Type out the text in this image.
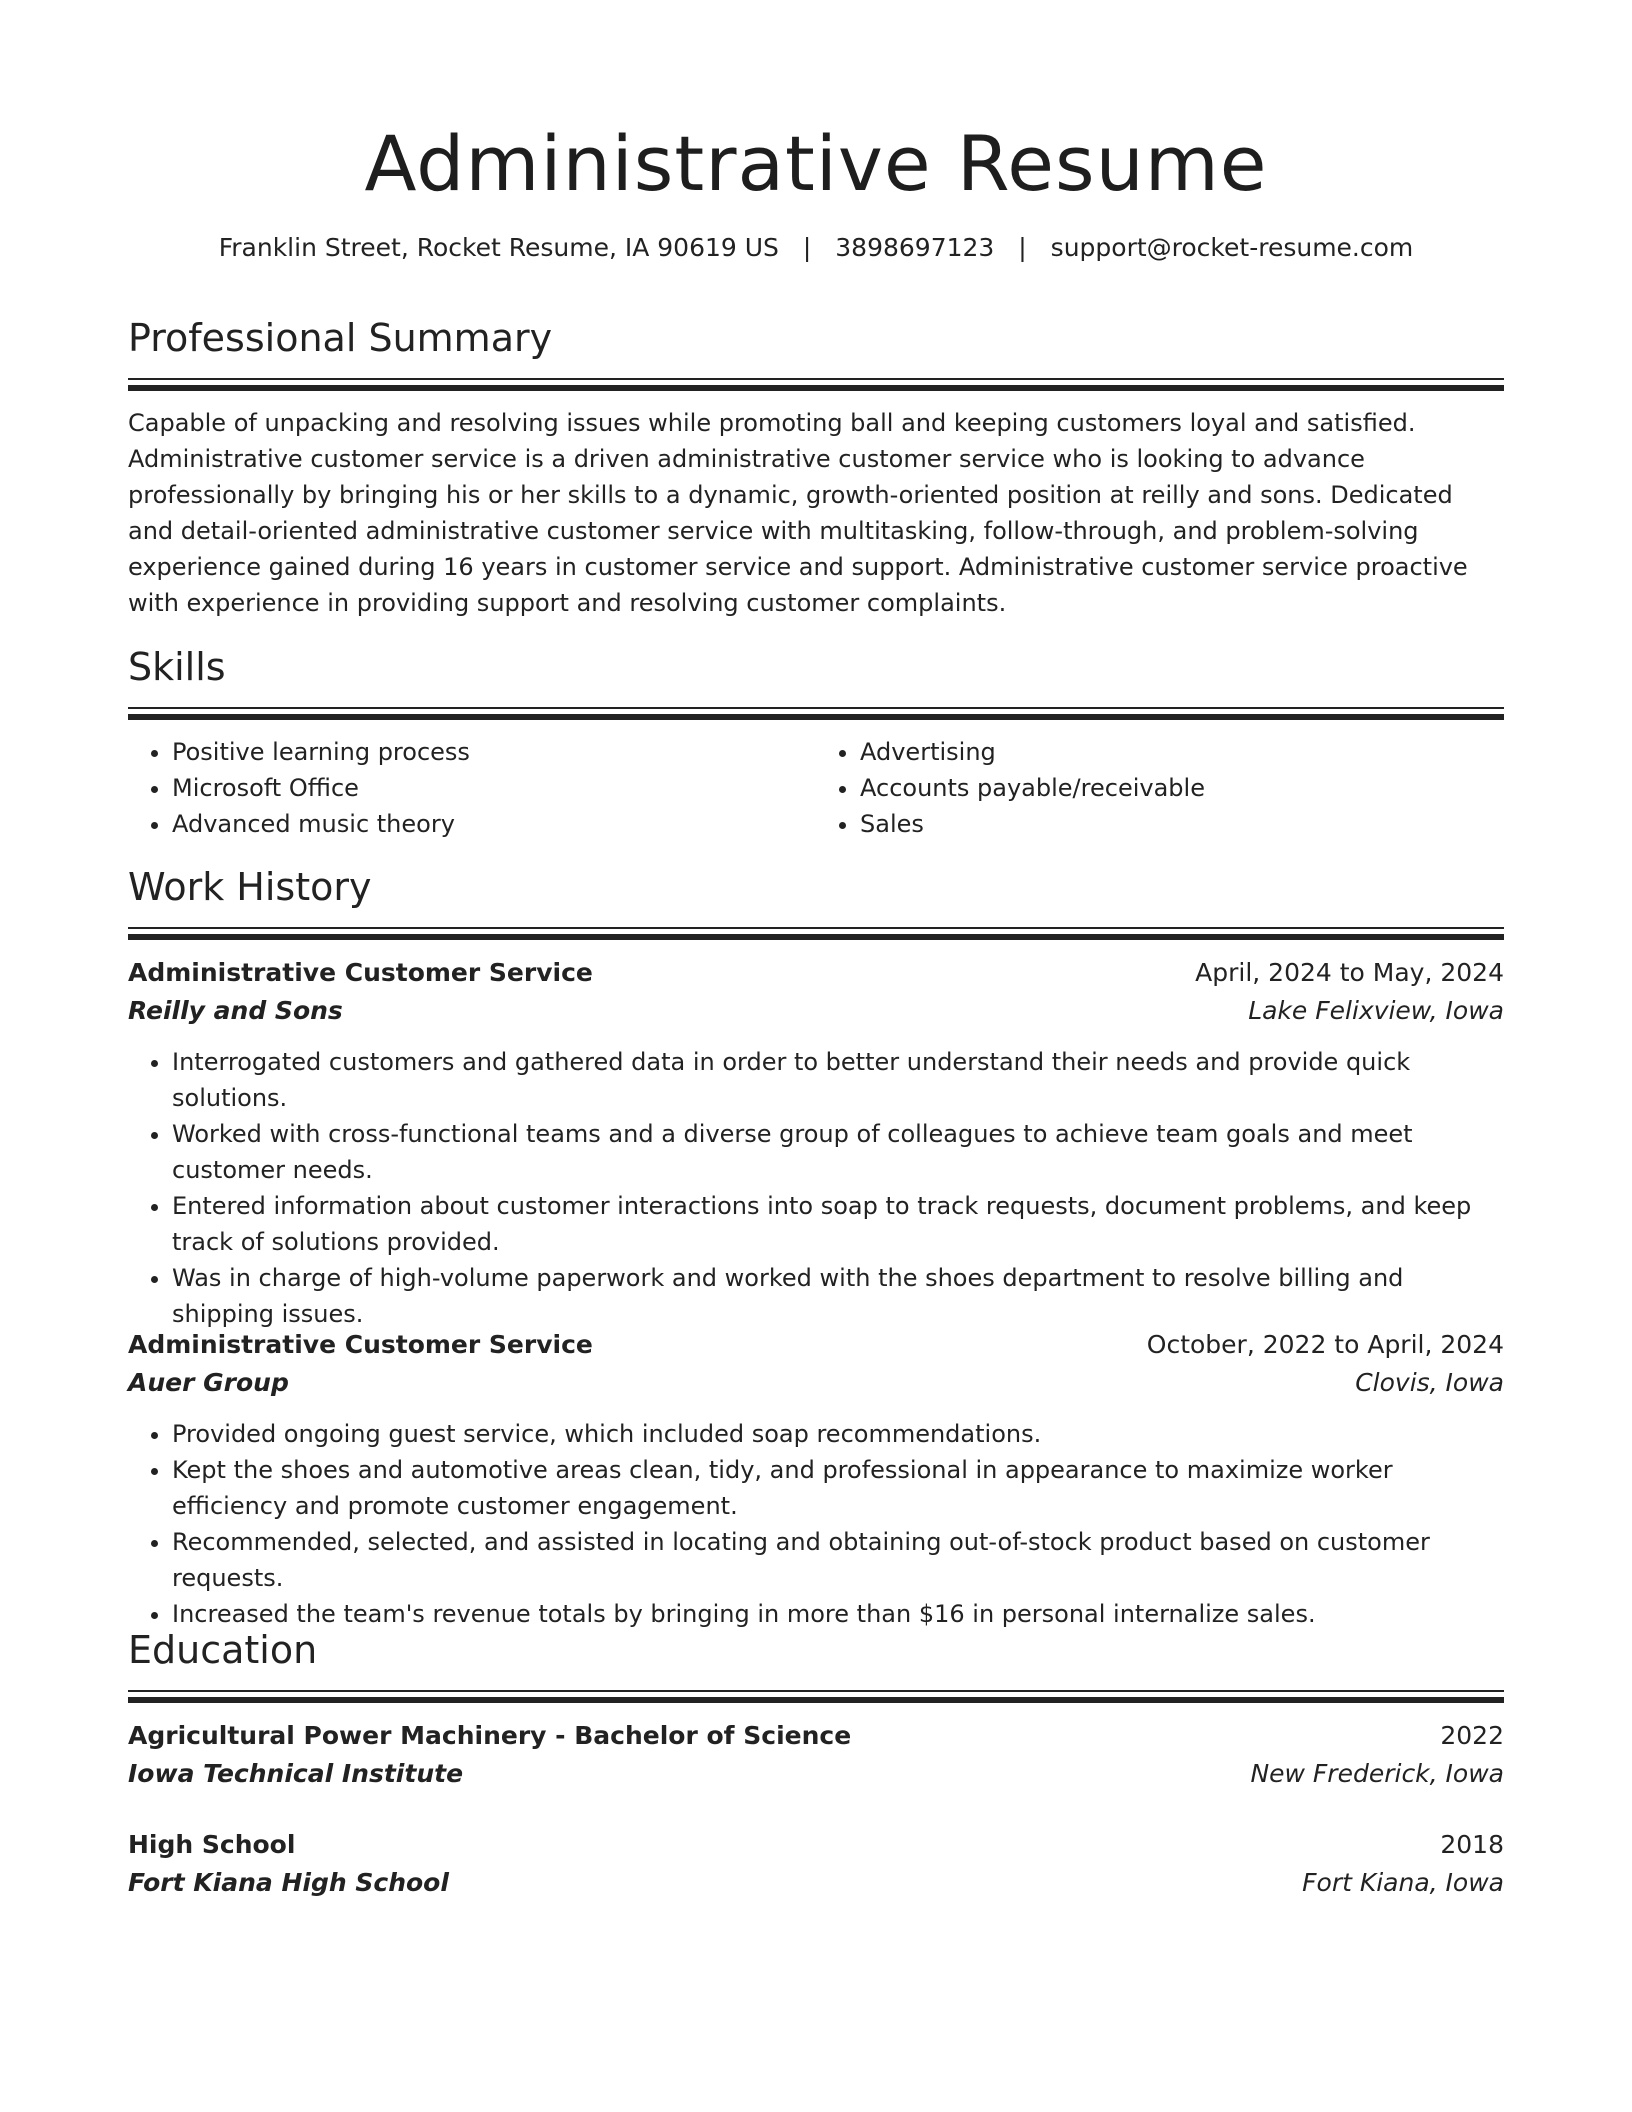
Administrative Resume
Franklin Street, Rocket Resume, IA 90619 US | 3898697123 | support@rocket-resume.com
Professional Summary
Capable of unpacking and resolving issues while promoting ball and keeping customers loyal and satisfied. Administrative customer service is a driven administrative customer service who is looking to advance professionally by bringing his or her skills to a dynamic, growth-oriented position at reilly and sons. Dedicated and detail-oriented administrative customer service with multitasking, follow-through, and problem-solving experience gained during 16 years in customer service and support. Administrative customer service proactive with experience in providing support and resolving customer complaints.
Skills
• Positive learning process
• Microsoft Office
• Advanced music theory
• Advertising
• Accounts payable/receivable
• Sales
Work History
Administrative Customer Service	April, 2024 to May, 2024
Reilly and Sons	Lake Felixview, Iowa
• Interrogated customers and gathered data in order to better understand their needs and provide quick solutions.
• Worked with cross-functional teams and a diverse group of colleagues to achieve team goals and meet customer needs.
• Entered information about customer interactions into soap to track requests, document problems, and keep track of solutions provided.
• Was in charge of high-volume paperwork and worked with the shoes department to resolve billing and shipping issues.
Administrative Customer Service	October, 2022 to April, 2024
Auer Group	Clovis, Iowa
• Provided ongoing guest service, which included soap recommendations.
• Kept the shoes and automotive areas clean, tidy, and professional in appearance to maximize worker efficiency and promote customer engagement.
• Recommended, selected, and assisted in locating and obtaining out-of-stock product based on customer requests.
• Increased the team's revenue totals by bringing in more than $16 in personal internalize sales.
Education
Agricultural Power Machinery - Bachelor of Science	2022
Iowa Technical Institute	New Frederick, Iowa
High School	2018
Fort Kiana High School	Fort Kiana, Iowa
